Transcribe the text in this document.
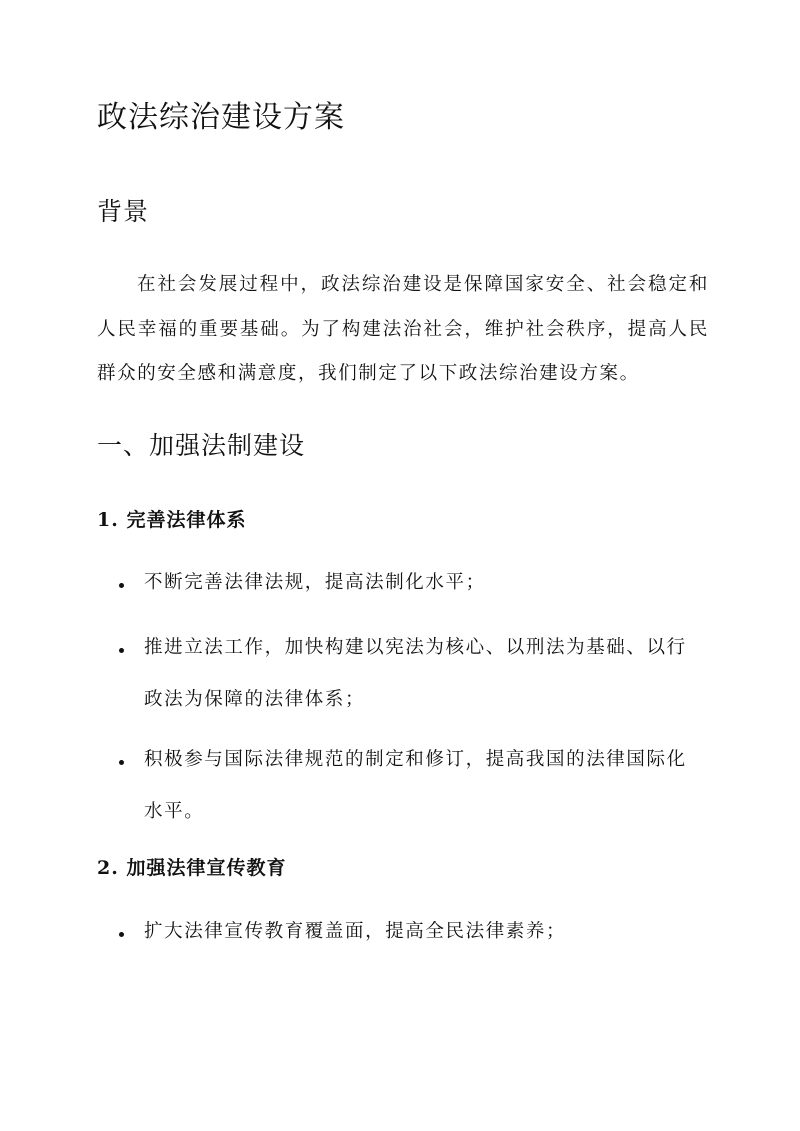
政法综治建设方案
背景

在社会发展过程中，政法综治建设是保障国家安全、社会稳定和人民幸福的重要基础。为了构建法治社会，维护社会秩序，提高人民群众的安全感和满意度，我们制定了以下政法综治建设方案。

一、加强法制建设
1. 完善法律体系
不断完善法律法规，提高法制化水平；
推进立法工作，加快构建以宪法为核心、以刑法为基础、以行政法为保障的法律体系；
积极参与国际法律规范的制定和修订，提高我国的法律国际化水平。
2. 加强法律宣传教育
扩大法律宣传教育覆盖面，提高全民法律素养；
